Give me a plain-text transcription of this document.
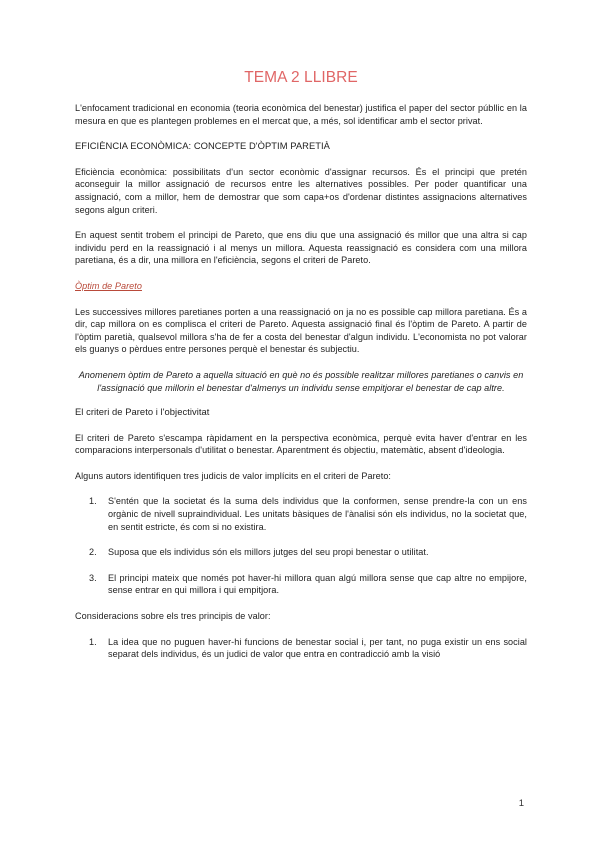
TEMA 2 LLIBRE

L'enfocament tradicional en economia (teoria econòmica del benestar) justifica el paper del sector públlic en la mesura en que es plantegen problemes en el mercat que, a més, sol identificar amb el sector privat.

EFICIÈNCIA ECONÒMICA: CONCEPTE D'ÒPTIM PARETIÀ

Eficiència econòmica: possibilitats d'un sector econòmic d'assignar recursos. És el principi que pretén aconseguir la millor assignació de recursos entre les alternatives possibles. Per poder quantificar una assignació, com a millor, hem de demostrar que som capa+os d'ordenar distintes assignacions alternatives segons algun criteri.

En aquest sentit trobem el principi de Pareto, que ens diu que una assignació és millor que una altra si cap individu perd en la reassignació i al menys un millora. Aquesta reassignació es considera com una millora paretiana, és a dir, una millora en l'eficiència, segons el criteri de Pareto.

Òptim de Pareto

Les successives millores paretianes porten a una reassignació on ja no es possible cap millora paretiana. És a dir, cap millora on es complisca el criteri de Pareto. Aquesta assignació final és l'òptim de Pareto. A partir de l'òptim paretià, qualsevol millora s'ha de fer a costa del benestar d'algun individu. L'economista no pot valorar els guanys o pèrdues entre persones perquè el benestar és subjectiu.

Anomenem òptim de Pareto a aquella situació en què no és possible realitzar millores paretianes o canvis en l'assignació que millorin el benestar d'almenys un individu sense empitjorar el benestar de cap altre.
El criteri de Pareto i l'objectivitat

El criteri de Pareto s'escampa ràpidament en la perspectiva econòmica, perquè evita haver d'entrar en les comparacions interpersonals d'utilitat o benestar. Aparentment és objectiu, matemàtic, absent d'ideologia.

Alguns autors identifiquen tres judicis de valor implícits en el criteri de Pareto:

1. S'entén que la societat és la suma dels individus que la conformen, sense prendre-la con un ens orgànic de nivell supraindividual. Les unitats bàsiques de l'ànalisi són els individus, no la societat que, en sentit estricte, és com si no existira.
2. Suposa que els individus són els millors jutges del seu propi benestar o utilitat.
3. El principi mateix que només pot haver-hi millora quan algú millora sense que cap altre no empijore, sense entrar en qui millora i qui empitjora.

Consideracions sobre els tres principis de valor:

1. La idea que no puguen haver-hi funcions de benestar social i, per tant, no puga existir un ens social separat dels individus, és un judici de valor que entra en contradicció amb la visió
1
